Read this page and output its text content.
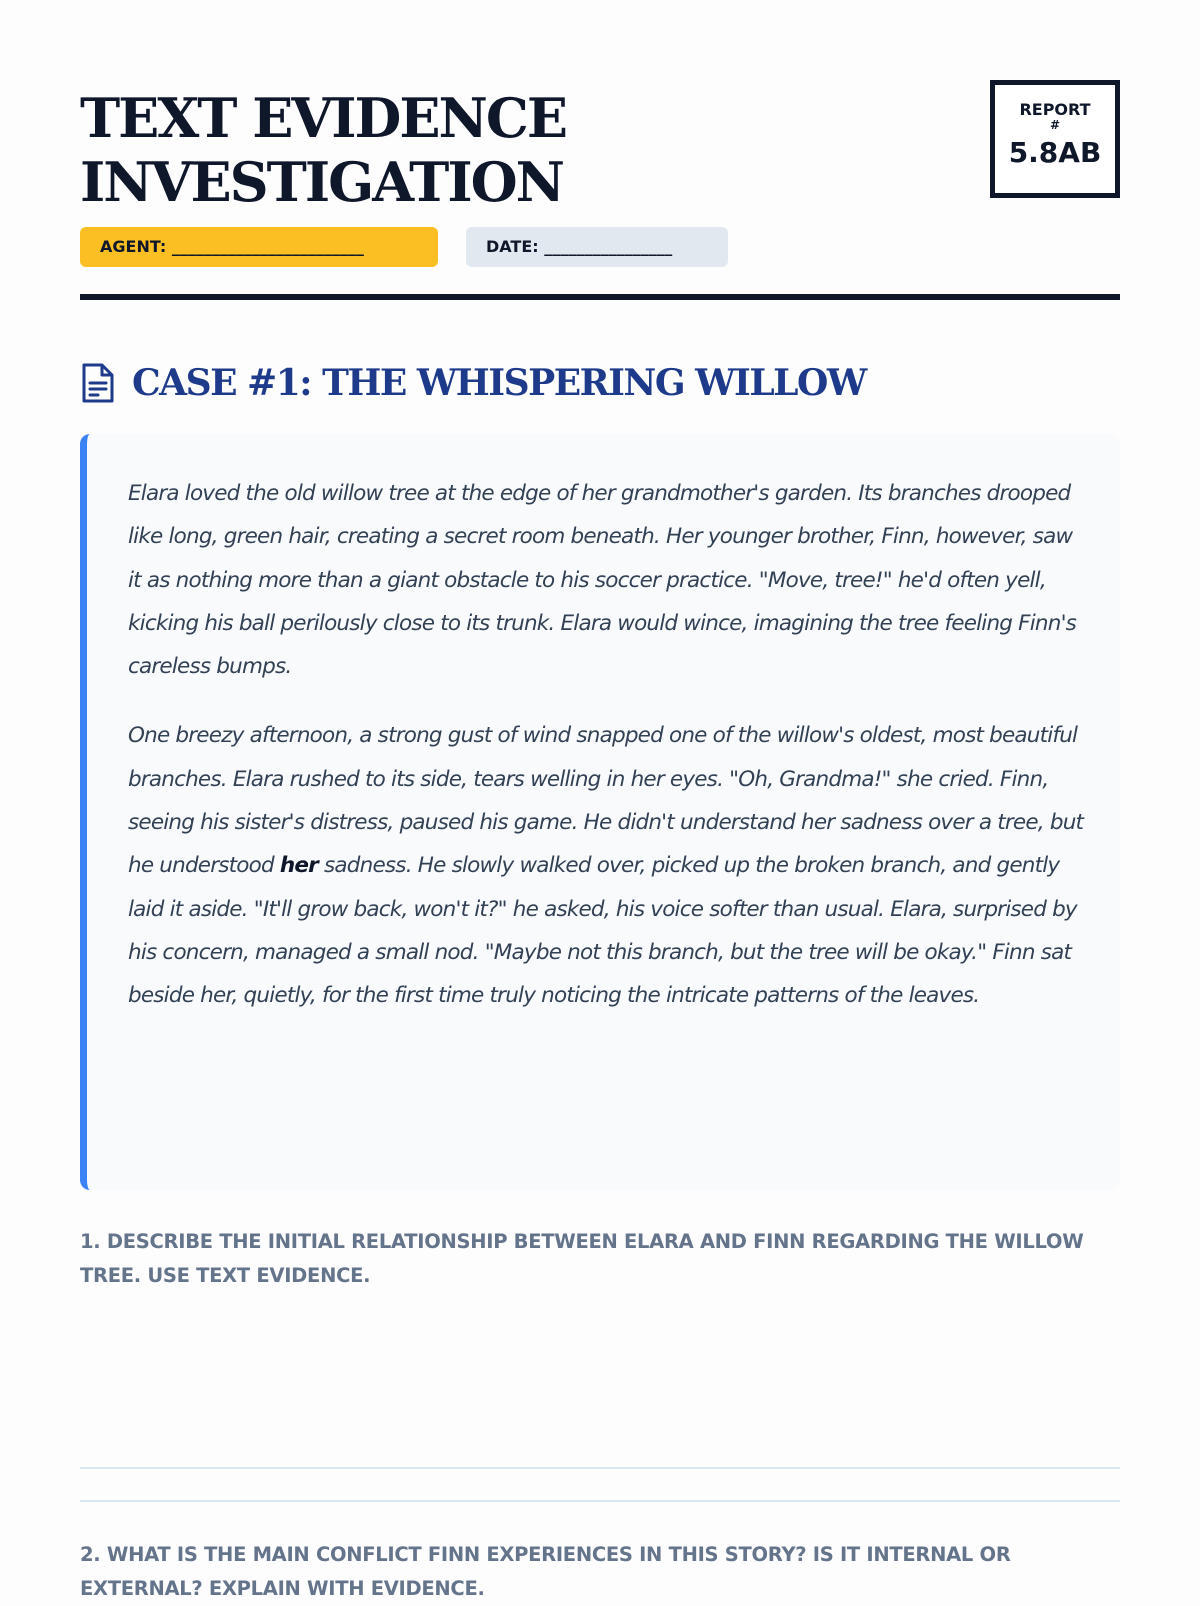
TEXT EVIDENCE
INVESTIGATION
REPORT
#
5.8AB
AGENT: ________________________	DATE: ________________
CASE #1: THE WHISPERING WILLOW

Elara loved the old willow tree at the edge of her grandmother's garden. Its branches drooped like long, green hair, creating a secret room beneath. Her younger brother, Finn, however, saw it as nothing more than a giant obstacle to his soccer practice. "Move, tree!" he'd often yell, kicking his ball perilously close to its trunk. Elara would wince, imagining the tree feeling Finn's careless bumps.

One breezy afternoon, a strong gust of wind snapped one of the willow's oldest, most beautiful branches. Elara rushed to its side, tears welling in her eyes. "Oh, Grandma!" she cried. Finn, seeing his sister's distress, paused his game. He didn't understand her sadness over a tree, but he understood her sadness. He slowly walked over, picked up the broken branch, and gently laid it aside. "It'll grow back, won't it?" he asked, his voice softer than usual. Elara, surprised by his concern, managed a small nod. "Maybe not this branch, but the tree will be okay." Finn sat beside her, quietly, for the first time truly noticing the intricate patterns of the leaves.

1. DESCRIBE THE INITIAL RELATIONSHIP BETWEEN ELARA AND FINN REGARDING THE WILLOW TREE. USE TEXT EVIDENCE.

2. WHAT IS THE MAIN CONFLICT FINN EXPERIENCES IN THIS STORY? IS IT INTERNAL OR EXTERNAL? EXPLAIN WITH EVIDENCE.
